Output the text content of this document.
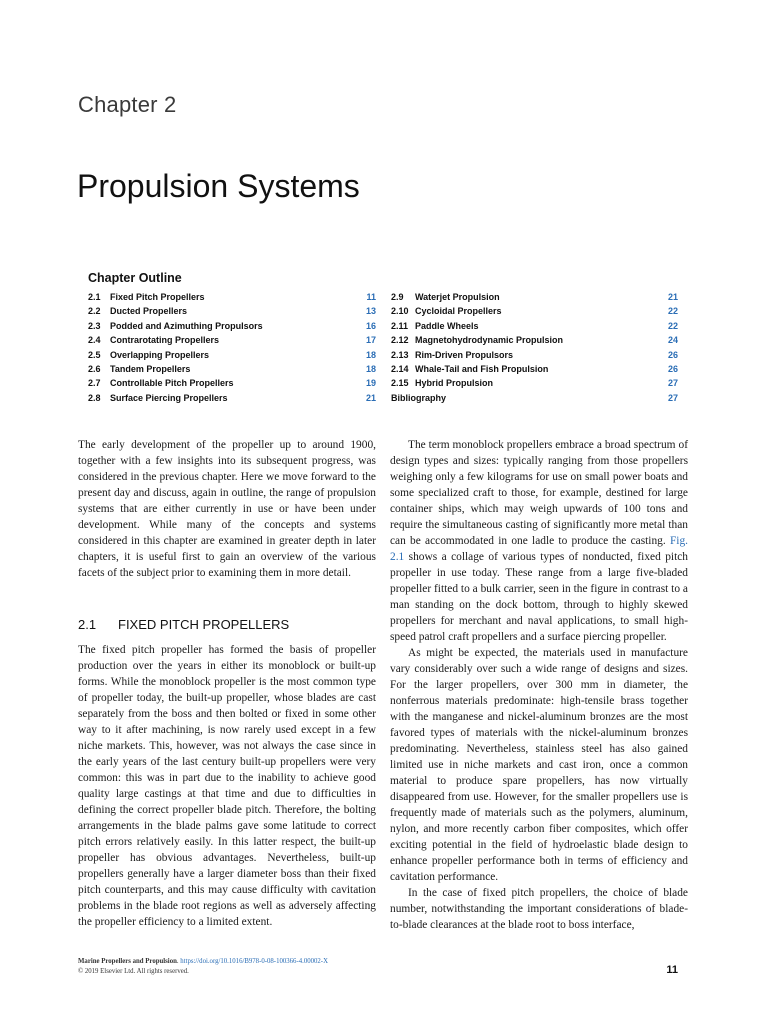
Chapter 2
Propulsion Systems
Chapter Outline
2.1	Fixed Pitch Propellers	11
2.2	Ducted Propellers	13
2.3	Podded and Azimuthing Propulsors	16
2.4	Contrarotating Propellers	17
2.5	Overlapping Propellers	18
2.6	Tandem Propellers	18
2.7	Controllable Pitch Propellers	19
2.8	Surface Piercing Propellers	21
2.9	Waterjet Propulsion	21
2.10 Cycloidal Propellers	22
2.11 Paddle Wheels	22
2.12 Magnetohydrodynamic Propulsion	24
2.13 Rim-Driven Propulsors	26
2.14 Whale-Tail and Fish Propulsion	26
2.15 Hybrid Propulsion	27
Bibliography	27

The early development of the propeller up to around 1900, together with a few insights into its subsequent progress, was considered in the previous chapter. Here we move forward to the present day and discuss, again in outline, the range of propulsion systems that are either currently in use or have been under development. While many of the concepts and systems considered in this chapter are examined in greater depth in later chapters, it is useful first to gain an overview of the various facets of the subject prior to examining them in more detail.

2.1 FIXED PITCH PROPELLERS

The fixed pitch propeller has formed the basis of propeller production over the years in either its monoblock or built-up forms. While the monoblock propeller is the most common type of propeller today, the built-up propeller, whose blades are cast separately from the boss and then bolted or fixed in some other way to it after machining, is now rarely used except in a few niche markets. This, however, was not always the case since in the early years of the last century built-up propellers were very common: this was in part due to the inability to achieve good quality large castings at that time and due to difficulties in defining the correct propeller blade pitch. Therefore, the bolting arrangements in the blade palms gave some latitude to correct pitch errors relatively easily. In this latter respect, the built-up propeller has obvious advantages. Nevertheless, built-up propellers generally have a larger diameter boss than their fixed pitch counterparts, and this may cause difficulty with cavitation problems in the blade root regions as well as adversely affecting the propeller efficiency to a limited extent.

The term monoblock propellers embrace a broad spectrum of design types and sizes: typically ranging from those propellers weighing only a few kilograms for use on small power boats and some specialized craft to those, for example, destined for large container ships, which may weigh upwards of 100 tons and require the simultaneous casting of significantly more metal than can be accommodated in one ladle to produce the casting. Fig. 2.1 shows a collage of various types of nonducted, fixed pitch propeller in use today. These range from a large five-bladed propeller fitted to a bulk carrier, seen in the figure in contrast to a man standing on the dock bottom, through to highly skewed propellers for merchant and naval applications, to small high-speed patrol craft propellers and a surface piercing propeller.

As might be expected, the materials used in manufacture vary considerably over such a wide range of designs and sizes. For the larger propellers, over 300 mm in diameter, the nonferrous materials predominate: high-tensile brass together with the manganese and nickel-aluminum bronzes are the most favored types of materials with the nickel-aluminum bronzes predominating. Nevertheless, stainless steel has also gained limited use in niche markets and cast iron, once a common material to produce spare propellers, has now virtually disappeared from use. However, for the smaller propellers use is frequently made of materials such as the polymers, aluminum, nylon, and more recently carbon fiber composites, which offer exciting potential in the field of hydroelastic blade design to enhance propeller performance both in terms of efficiency and cavitation performance.

In the case of fixed pitch propellers, the choice of blade number, notwithstanding the important considerations of blade-to-blade clearances at the blade root to boss interface,

Marine Propellers and Propulsion. https://doi.org/10.1016/B978-0-08-100366-4.00002-X
© 2019 Elsevier Ltd. All rights reserved.	11
